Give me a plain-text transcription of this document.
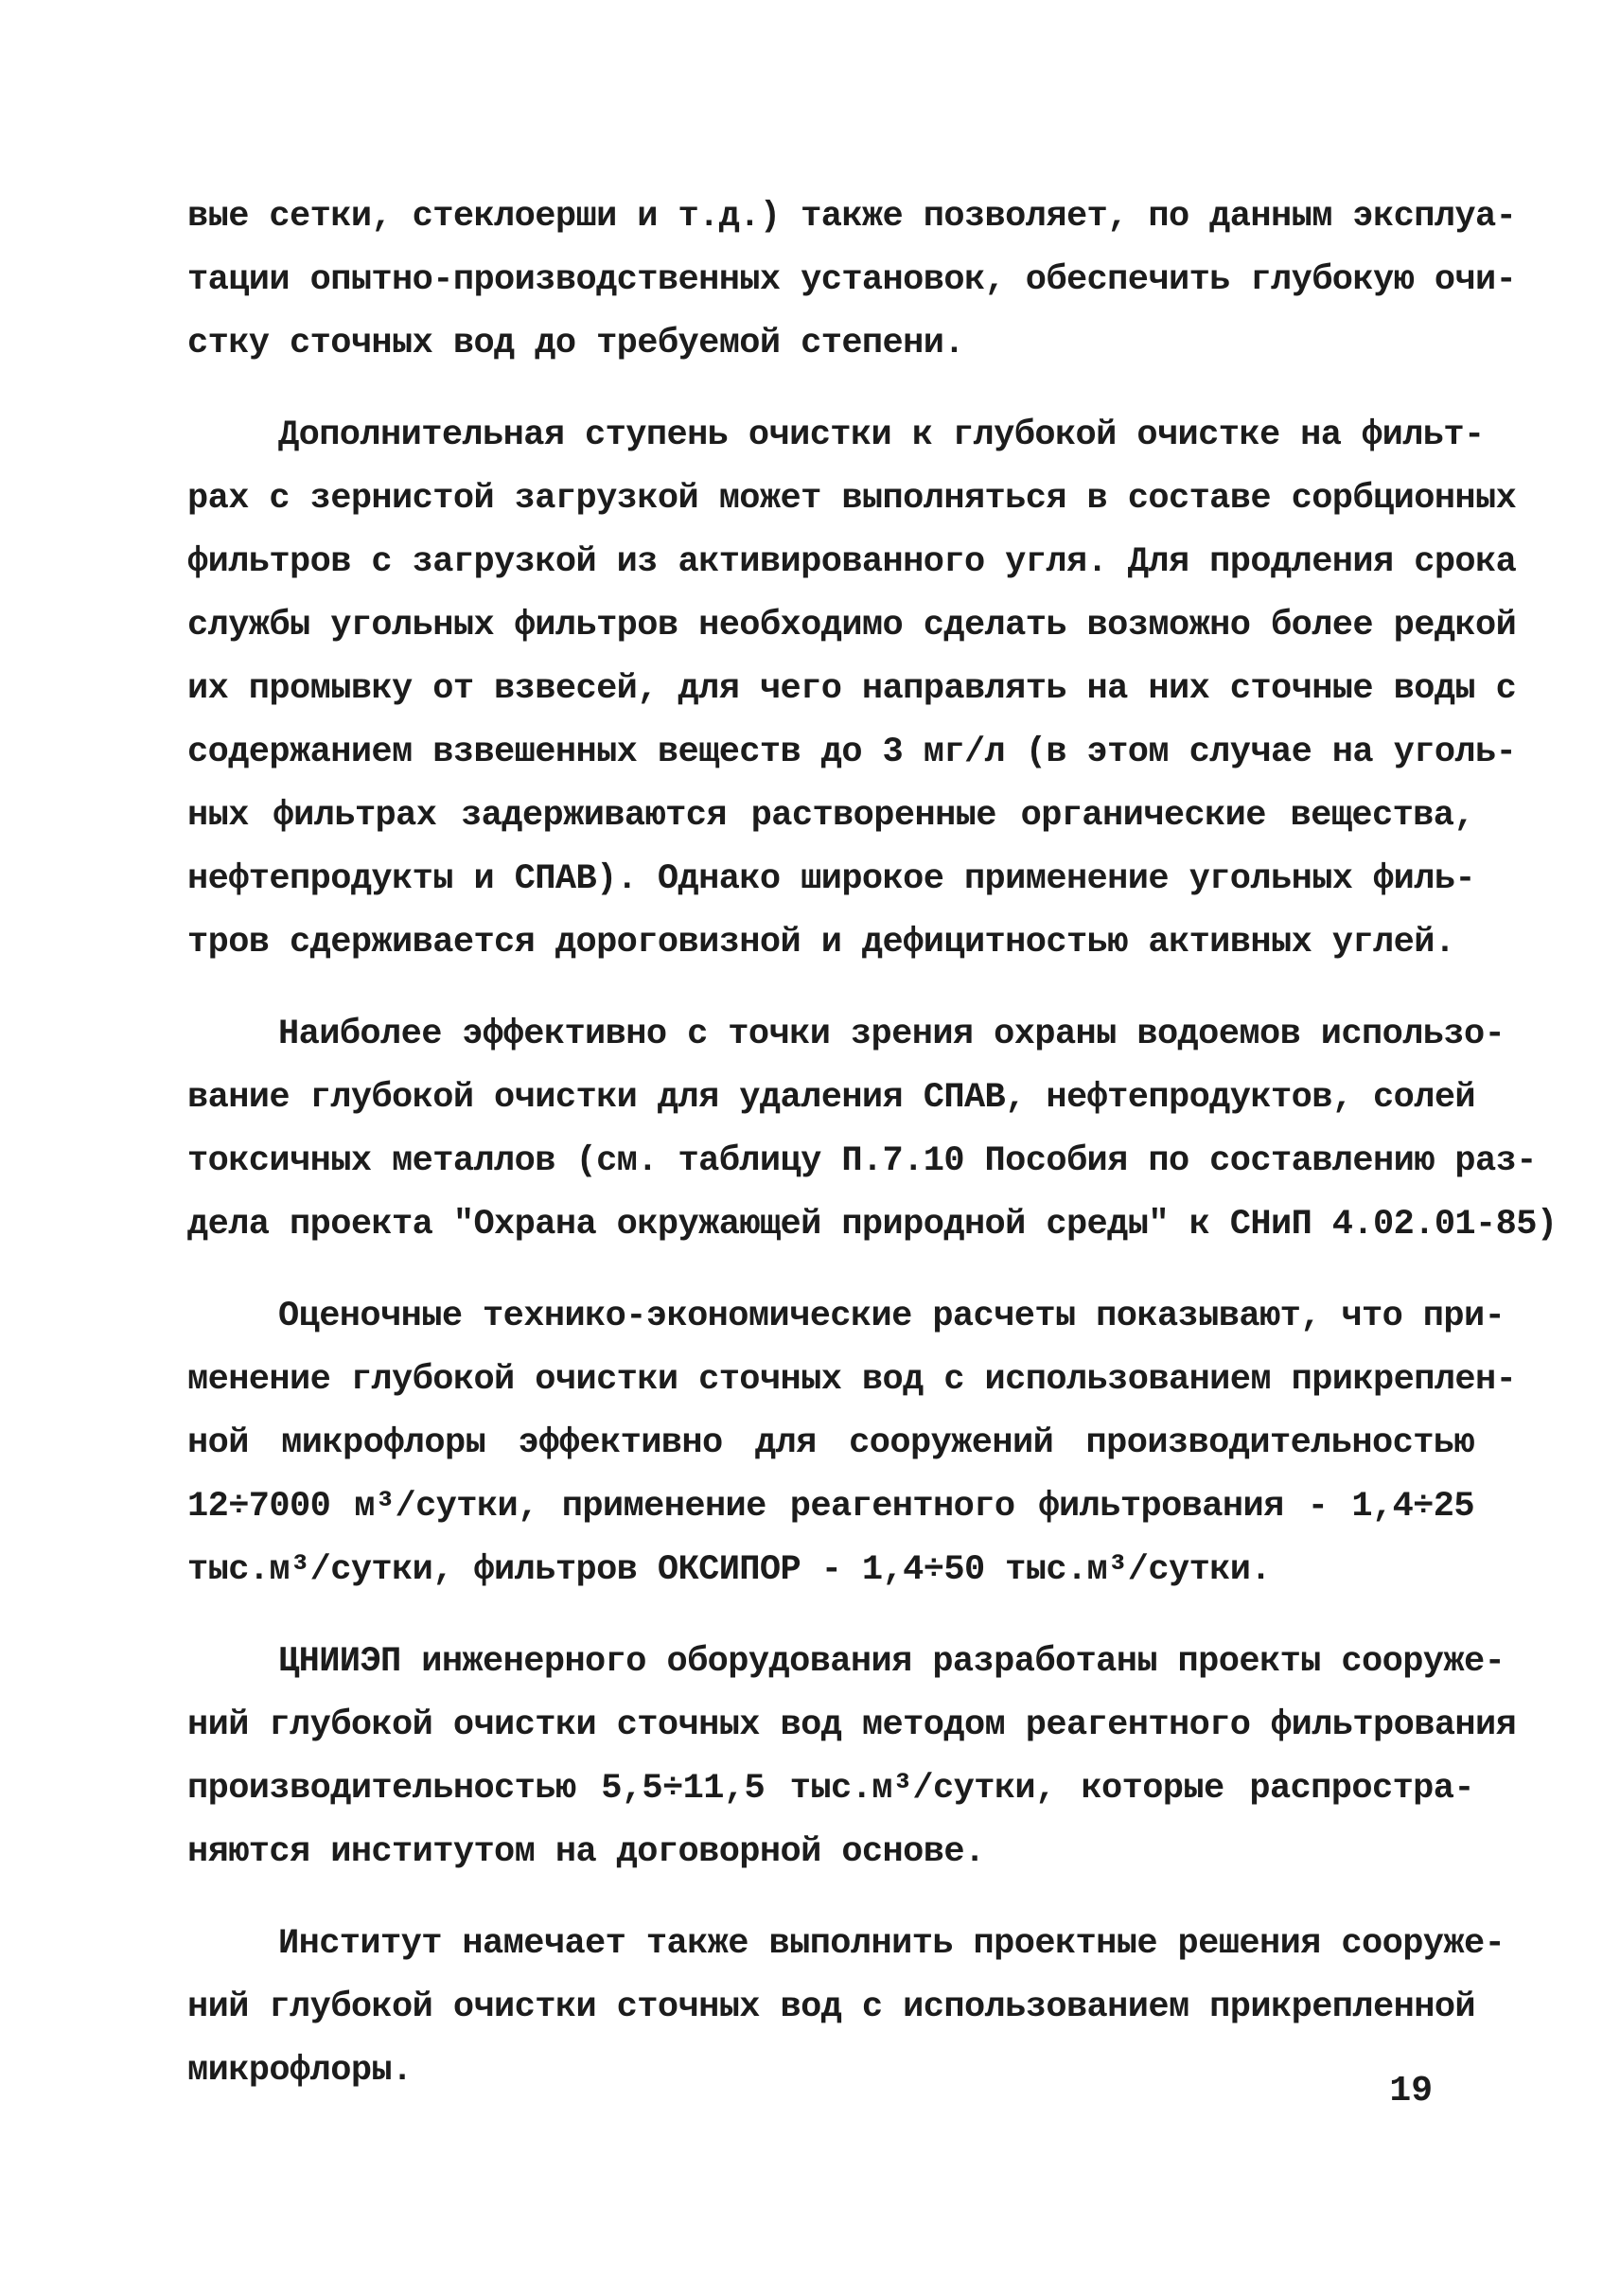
вые сетки, стеклоерши и т.д.) также позволяет, по данным эксплуа-
тации опытно-производственных установок, обеспечить глубокую очи-
стку сточных вод до требуемой степени.

Дополнительная ступень очистки к глубокой очистке на фильт-
рах с зернистой загрузкой может выполняться в составе сорбционных
фильтров с загрузкой из активированного угля. Для продления срока
службы угольных фильтров необходимо сделать возможно более редкой
их промывку от взвесей, для чего направлять на них сточные воды с
содержанием взвешенных веществ до 3 мг/л (в этом случае на уголь-
ных фильтрах задерживаются растворенные органические вещества,
нефтепродукты и СПАВ). Однако широкое применение угольных филь-
тров сдерживается дороговизной и дефицитностью активных углей.

Наиболее эффективно с точки зрения охраны водоемов использо-
вание глубокой очистки для удаления СПАВ, нефтепродуктов, солей
токсичных металлов (см. таблицу П.7.10 Пособия по составлению раз-
дела проекта "Охрана окружающей природной среды" к СНиП 4.02.01-85)

Оценочные технико-экономические расчеты показывают, что при-
менение глубокой очистки сточных вод с использованием прикреплен-
ной микрофлоры эффективно для сооружений производительностью
12÷7000 м³/сутки, применение реагентного фильтрования - 1,4÷25
тыс.м³/сутки, фильтров ОКСИПОР - 1,4÷50 тыс.м³/сутки.

ЦНИИЭП инженерного оборудования разработаны проекты сооруже-
ний глубокой очистки сточных вод методом реагентного фильтрования
производительностью 5,5÷11,5 тыс.м³/сутки, которые распростра-
няются институтом на договорной основе.

Институт намечает также выполнить проектные решения сооруже-
ний глубокой очистки сточных вод с использованием прикрепленной
микрофлоры.	19
